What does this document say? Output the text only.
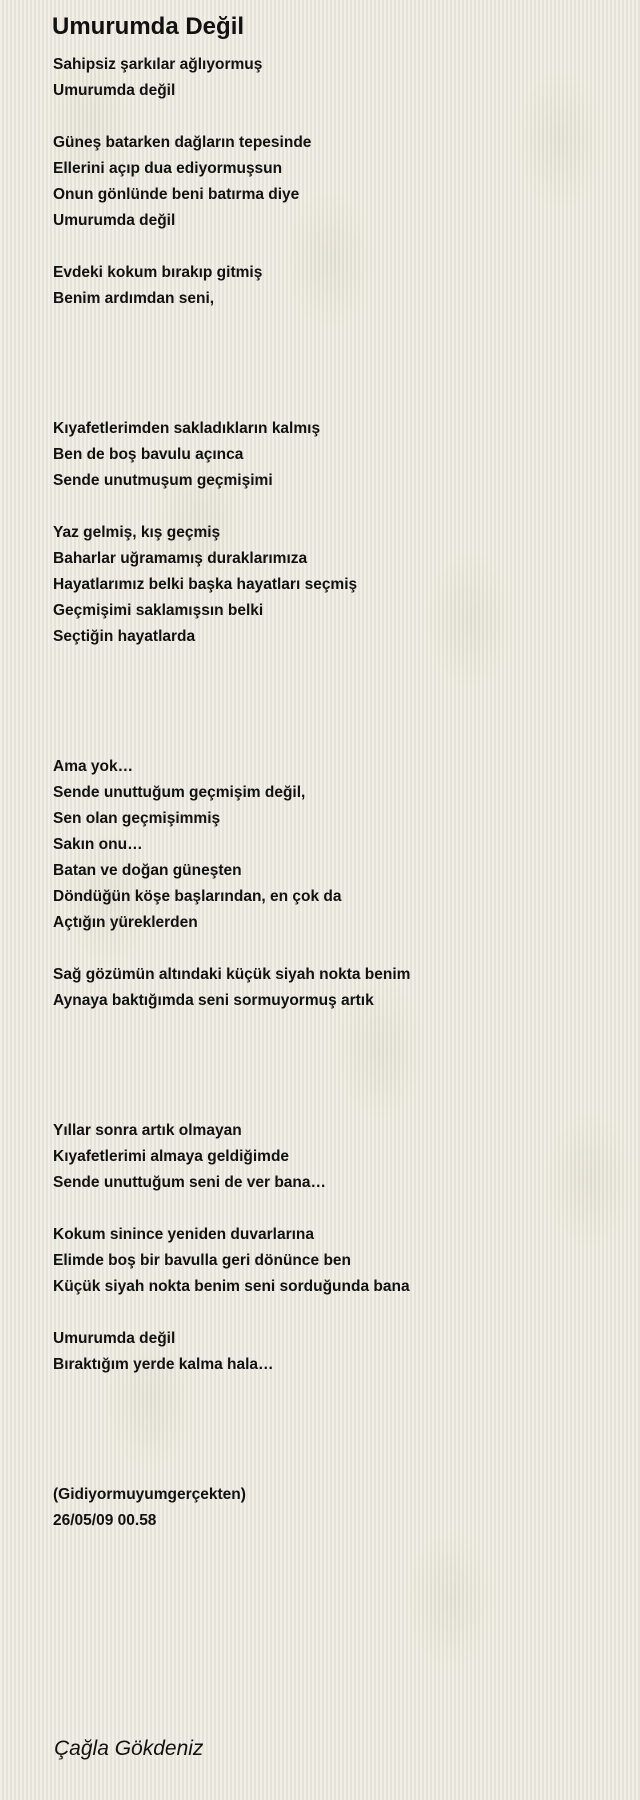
Umurumda Değil
Sahipsiz şarkılar ağlıyormuş
Umurumda değil
Güneş batarken dağların tepesinde
Ellerini açıp dua ediyormuşsun
Onun gönlünde beni batırma diye
Umurumda değil
Evdeki kokum bırakıp gitmiş
Benim ardımdan seni,
Kıyafetlerimden sakladıkların kalmış
Ben de boş bavulu açınca
Sende unutmuşum geçmişimi
Yaz gelmiş, kış geçmiş
Baharlar uğramamış duraklarımıza
Hayatlarımız belki başka hayatları seçmiş
Geçmişimi saklamışsın belki
Seçtiğin hayatlarda
Ama yok…
Sende unuttuğum geçmişim değil,
Sen olan geçmişimmiş
Sakın onu…
Batan ve doğan güneşten
Döndüğün köşe başlarından, en çok da
Açtığın yüreklerden
Sağ gözümün altındaki küçük siyah nokta benim
Aynaya baktığımda seni sormuyormuş artık
Yıllar sonra artık olmayan
Kıyafetlerimi almaya geldiğimde
Sende unuttuğum seni de ver bana…
Kokum sinince yeniden duvarlarına
Elimde boş bir bavulla geri dönünce ben
Küçük siyah nokta benim seni sorduğunda bana
Umurumda değil
Bıraktığım yerde kalma hala…
(Gidiyormuyumgerçekten)
26/05/09 00.58
Çağla Gökdeniz
